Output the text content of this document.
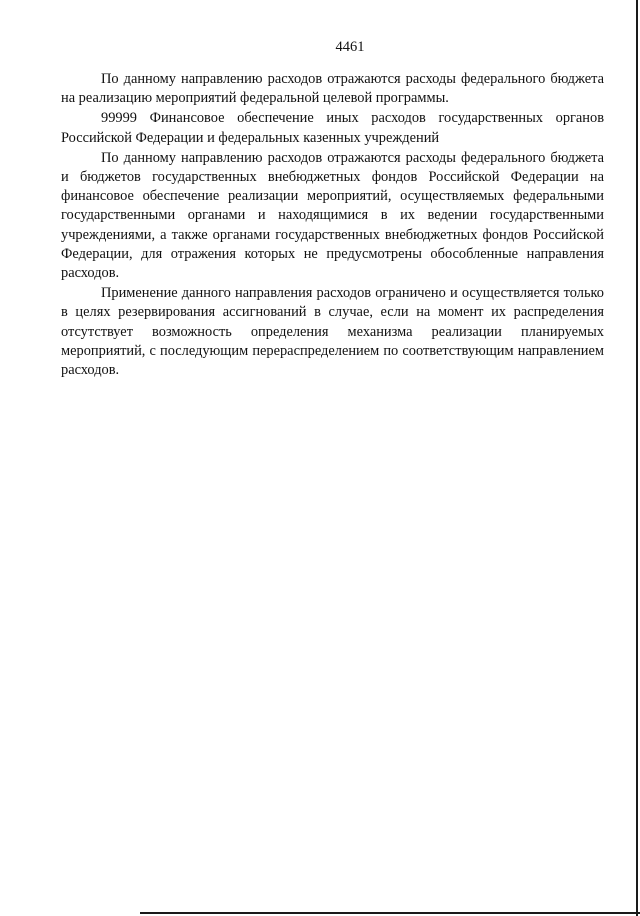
4461

По данному направлению расходов отражаются расходы федерального бюджета на реализацию мероприятий федеральной целевой программы.

99999 Финансовое обеспечение иных расходов государственных органов Российской Федерации и федеральных казенных учреждений

По данному направлению расходов отражаются расходы федерального бюджета и бюджетов государственных внебюджетных фондов Российской Федерации на финансовое обеспечение реализации мероприятий, осуществляемых федеральными государственными органами и находящимися в их ведении государственными учреждениями, а также органами государственных внебюджетных фондов Российской Федерации, для отражения которых не предусмотрены обособленные направления расходов.

Применение данного направления расходов ограничено и осуществляется только в целях резервирования ассигнований в случае, если на момент их распределения отсутствует возможность определения механизма реализации планируемых мероприятий, с последующим перераспределением по соответствующим направлением расходов.
